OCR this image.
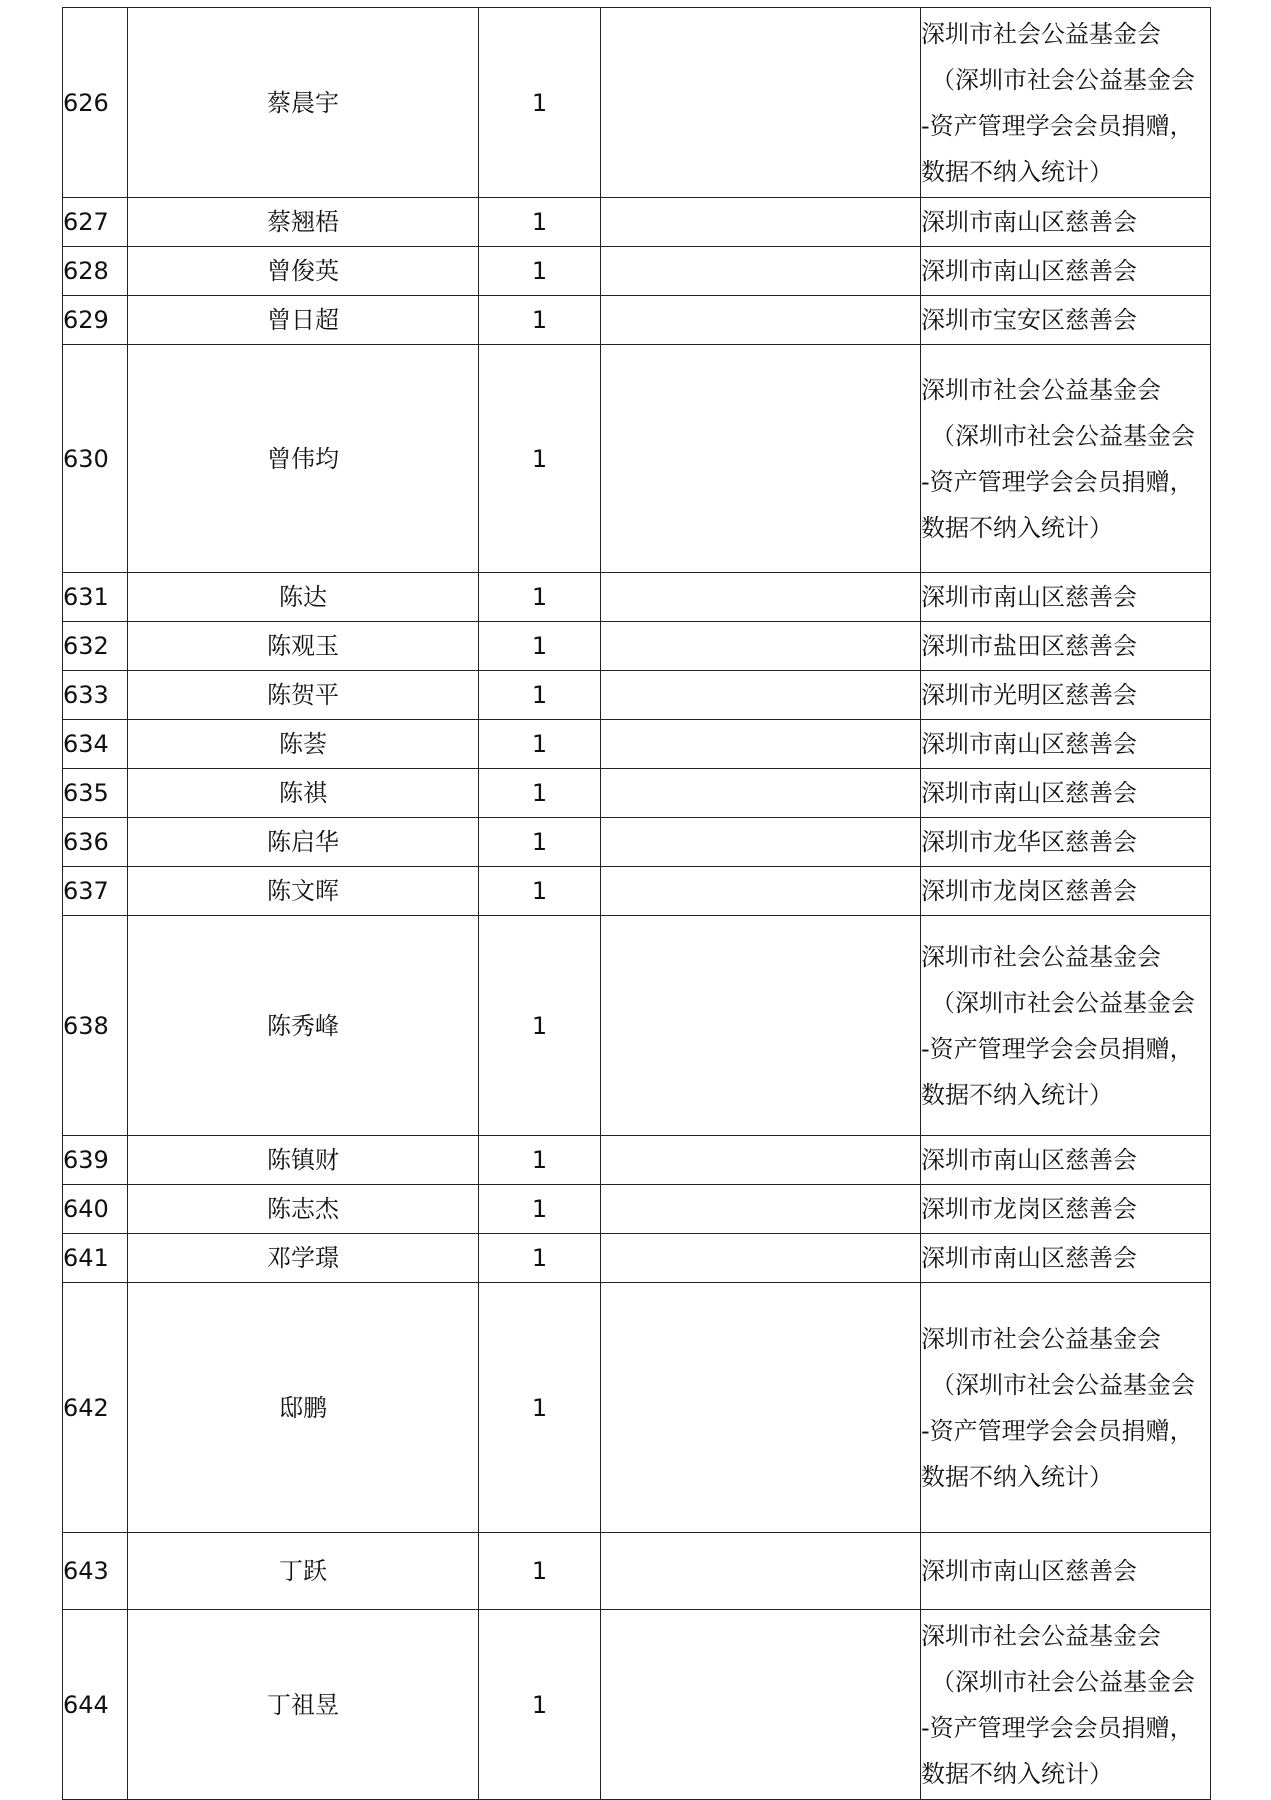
626	蔡晨宇	1		深圳市社会公益基金会
（深圳市社会公益基金会
-资产管理学会会员捐赠，
数据不纳入统计）

627	蔡翘梧	1		深圳市南山区慈善会

628	曾俊英	1		深圳市南山区慈善会

629	曾日超	1		深圳市宝安区慈善会

630	曾伟均	1		深圳市社会公益基金会
（深圳市社会公益基金会
-资产管理学会会员捐赠，
数据不纳入统计）

631	陈达	1		深圳市南山区慈善会

632	陈观玉	1		深圳市盐田区慈善会

633	陈贺平	1		深圳市光明区慈善会

634	陈荟	1		深圳市南山区慈善会

635	陈祺	1		深圳市南山区慈善会

636	陈启华	1		深圳市龙华区慈善会

637	陈文晖	1		深圳市龙岗区慈善会

638	陈秀峰	1		深圳市社会公益基金会
（深圳市社会公益基金会
-资产管理学会会员捐赠，
数据不纳入统计）

639	陈镇财	1		深圳市南山区慈善会

640	陈志杰	1		深圳市龙岗区慈善会

641	邓学璟	1		深圳市南山区慈善会

642	邸鹏	1		深圳市社会公益基金会
（深圳市社会公益基金会
-资产管理学会会员捐赠，
数据不纳入统计）

643	丁跃	1		深圳市南山区慈善会

644	丁祖昱	1		深圳市社会公益基金会
（深圳市社会公益基金会
-资产管理学会会员捐赠，
数据不纳入统计）
